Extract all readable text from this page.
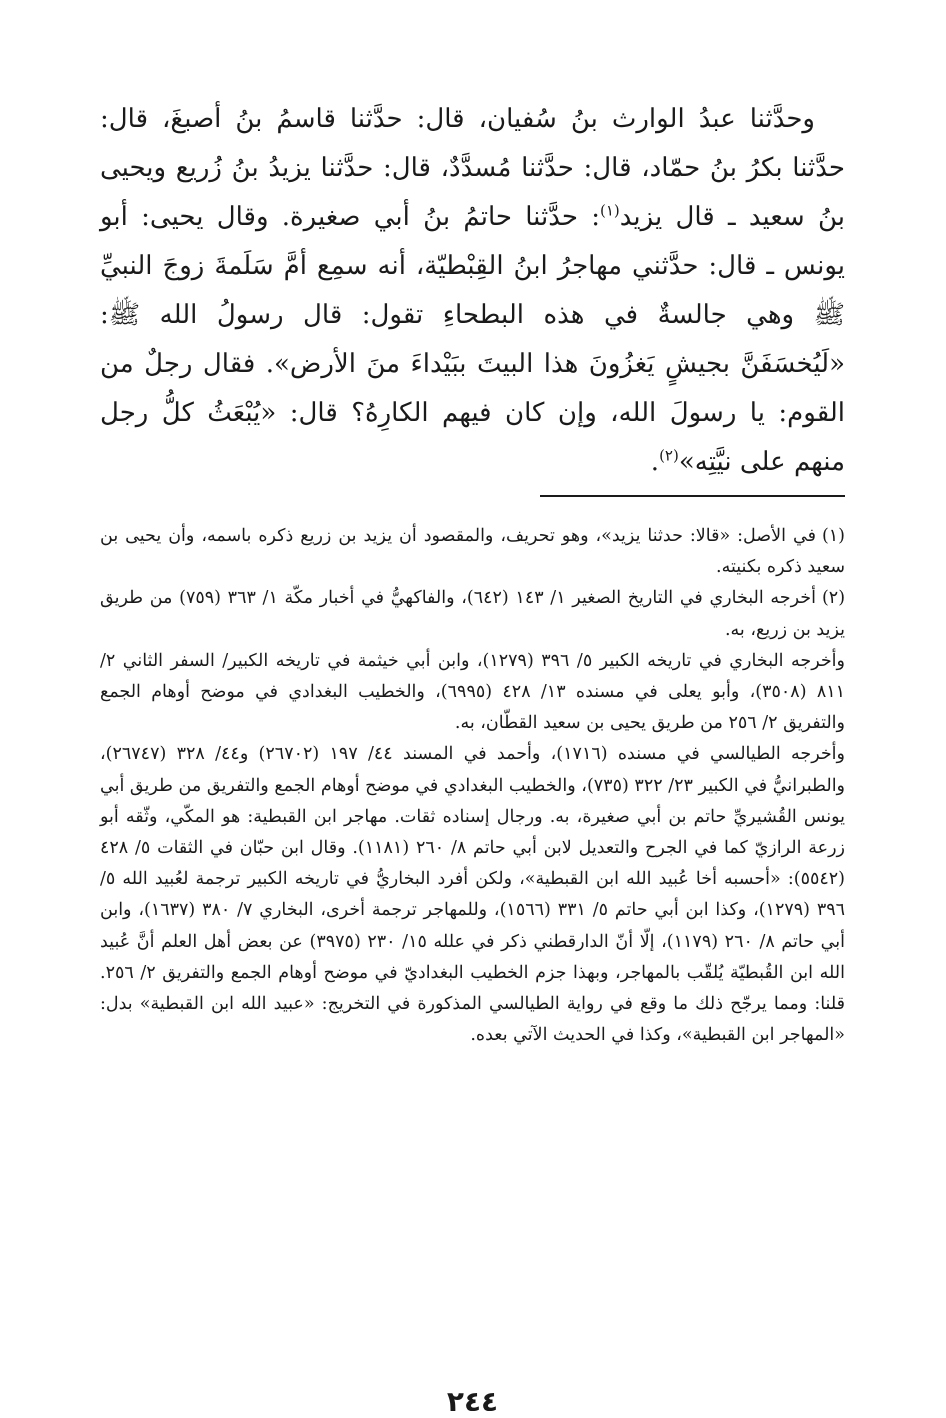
وحدَّثنا عبدُ الوارث بنُ سُفيان، قال: حدَّثنا قاسمُ بنُ أصبغَ، قال: حدَّثنا بكرُ بنُ حمّاد، قال: حدَّثنا مُسدَّدٌ، قال: حدَّثنا يزيدُ بنُ زُريع ويحيى بنُ سعيد ـ قال يزيد$^{(١)}$: حدَّثنا حاتمُ بنُ أبي صغيرة. وقال يحيى: أبو يونس ـ قال: حدَّثني مهاجرُ ابنُ القِبْطيّة، أنه سمِع أمَّ سَلَمةَ زوجَ النبيِّ ﷺ وهي جالسةٌ في هذه البطحاءِ تقول: قال رسولُ الله ﷺ: «لَيُخسَفَنَّ بجيشٍ يَغزُونَ هذا البيتَ ببَيْداءَ منَ الأرض». فقال رجلٌ من القوم: يا رسولَ الله، وإن كان فيهم الكارِهُ؟ قال: «يُبْعَثُ كلُّ رجل منهم على نيَّتِه»$^{(٢)}$.

(١)في الأصل: «قالا: حدثنا يزيد»، وهو تحريف، والمقصود أن يزيد بن زريع ذكره باسمه، وأن يحيى بن سعيد ذكره بكنيته.

(٢)أخرجه البخاري في التاريخ الصغير ١/ ١٤٣ (٦٤٢)، والفاكهيُّ في أخبار مكّة ١/ ٣٦٣ (٧٥٩) من طريق يزيد بن زريع، به.

وأخرجه البخاري في تاريخه الكبير ٥/ ٣٩٦ (١٢٧٩)، وابن أبي خيثمة في تاريخه الكبير/ السفر الثاني ٢/ ٨١١ (٣٥٠٨)، وأبو يعلى في مسنده ١٣/ ٤٢٨ (٦٩٩٥)، والخطيب البغدادي في موضح أوهام الجمع والتفريق ٢/ ٢٥٦ من طريق يحيى بن سعيد القطّان، به.

وأخرجه الطيالسي في مسنده (١٧١٦)، وأحمد في المسند ٤٤/ ١٩٧ (٢٦٧٠٢) و٤٤/ ٣٢٨ (٢٦٧٤٧)، والطبرانيُّ في الكبير ٢٣/ ٣٢٢ (٧٣٥)، والخطيب البغدادي في موضح أوهام الجمع والتفريق من طريق أبي يونس القُشيريِّ حاتم بن أبي صغيرة، به. ورجال إسناده ثقات. مهاجر ابن القبطية: هو المكّي، وثّقه أبو زرعة الرازيّ كما في الجرح والتعديل لابن أبي حاتم ٨/ ٢٦٠ (١١٨١). وقال ابن حبّان في الثقات ٥/ ٤٢٨ (٥٥٤٢): «أحسبه أخا عُبيد الله ابن القبطية»، ولكن أفرد البخاريُّ في تاريخه الكبير ترجمة لعُبيد الله ٥/ ٣٩٦ (١٢٧٩)، وكذا ابن أبي حاتم ٥/ ٣٣١ (١٥٦٦)، وللمهاجر ترجمة أخرى، البخاري ٧/ ٣٨٠ (١٦٣٧)، وابن أبي حاتم ٨/ ٢٦٠ (١١٧٩)، إلّا أنّ الدارقطني ذكر في علله ١٥/ ٢٣٠ (٣٩٧٥) عن بعض أهل العلم أنَّ عُبيد الله ابن القُبطيّة يُلقّب بالمهاجر، وبهذا جزم الخطيب البغداديّ في موضح أوهام الجمع والتفريق ٢/ ٢٥٦. قلنا: ومما يرجّح ذلك ما وقع في رواية الطيالسي المذكورة في التخريج: «عبيد الله ابن القبطية» بدل: «المهاجر ابن القبطية»، وكذا في الحديث الآتي بعده.

٢٤٤
